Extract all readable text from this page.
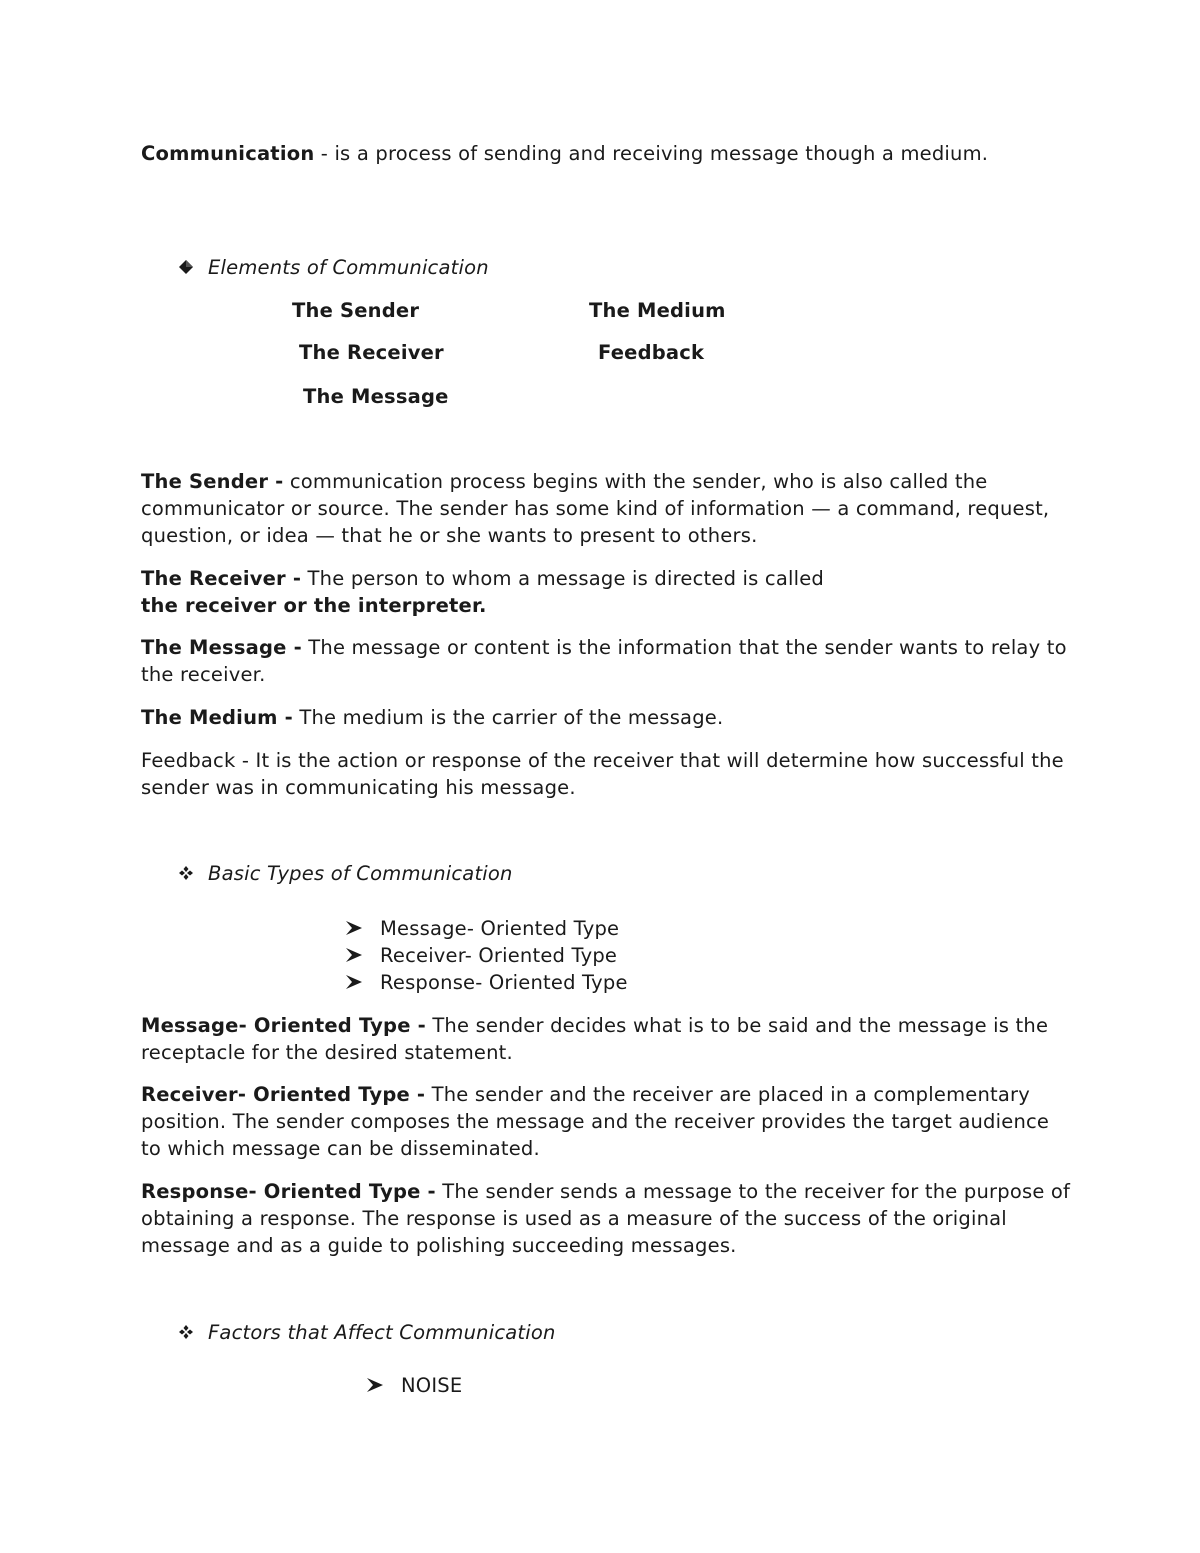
Communication - is a process of sending and receiving message though a medium.

Elements of Communication
The Sender	The Medium
The Receiver	Feedback
The Message

The Sender - communication process begins with the sender, who is also called the communicator or source. The sender has some kind of information — a command, request, question, or idea — that he or she wants to present to others.

The Receiver - The person to whom a message is directed is called
the receiver or the interpreter.

The Message - The message or content is the information that the sender wants to relay to the receiver.

The Medium - The medium is the carrier of the message.

Feedback - It is the action or response of the receiver that will determine how successful the sender was in communicating his message.

Basic Types of Communication
Message- Oriented Type
Receiver- Oriented Type
Response- Oriented Type

Message- Oriented Type - The sender decides what is to be said and the message is the receptacle for the desired statement.

Receiver- Oriented Type - The sender and the receiver are placed in a complementary position. The sender composes the message and the receiver provides the target audience to which message can be disseminated.

Response- Oriented Type - The sender sends a message to the receiver for the purpose of obtaining a response. The response is used as a measure of the success of the original message and as a guide to polishing succeeding messages.

Factors that Affect Communication
NOISE
